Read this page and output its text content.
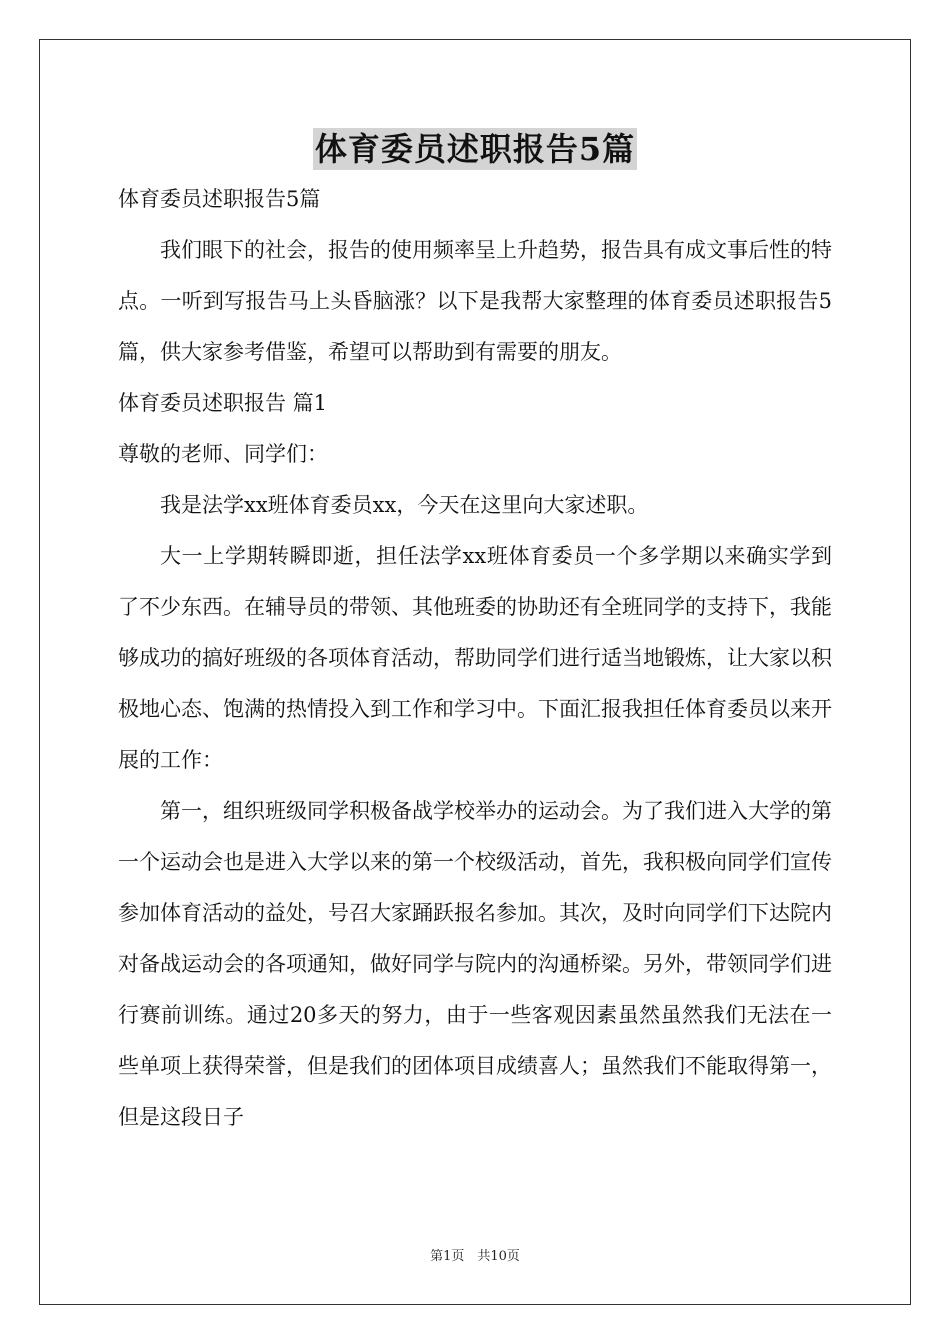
体育委员述职报告5篇

体育委员述职报告5篇

我们眼下的社会，报告的使用频率呈上升趋势，报告具有成文事后性的特点。一听到写报告马上头昏脑涨？以下是我帮大家整理的体育委员述职报告5篇，供大家参考借鉴，希望可以帮助到有需要的朋友。

体育委员述职报告 篇1

尊敬的老师、同学们：

我是法学xx班体育委员xx，今天在这里向大家述职。

大一上学期转瞬即逝，担任法学xx班体育委员一个多学期以来确实学到了不少东西。在辅导员的带领、其他班委的协助还有全班同学的支持下，我能够成功的搞好班级的各项体育活动，帮助同学们进行适当地锻炼，让大家以积极地心态、饱满的热情投入到工作和学习中。下面汇报我担任体育委员以来开展的工作：

第一，组织班级同学积极备战学校举办的运动会。为了我们进入大学的第一个运动会也是进入大学以来的第一个校级活动，首先，我积极向同学们宣传参加体育活动的益处，号召大家踊跃报名参加。其次，及时向同学们下达院内对备战运动会的各项通知，做好同学与院内的沟通桥梁。另外，带领同学们进行赛前训练。通过20多天的努力，由于一些客观因素虽然虽然我们无法在一些单项上获得荣誉，但是我们的团体项目成绩喜人；虽然我们不能取得第一，但是这段日子

第1页　共10页
